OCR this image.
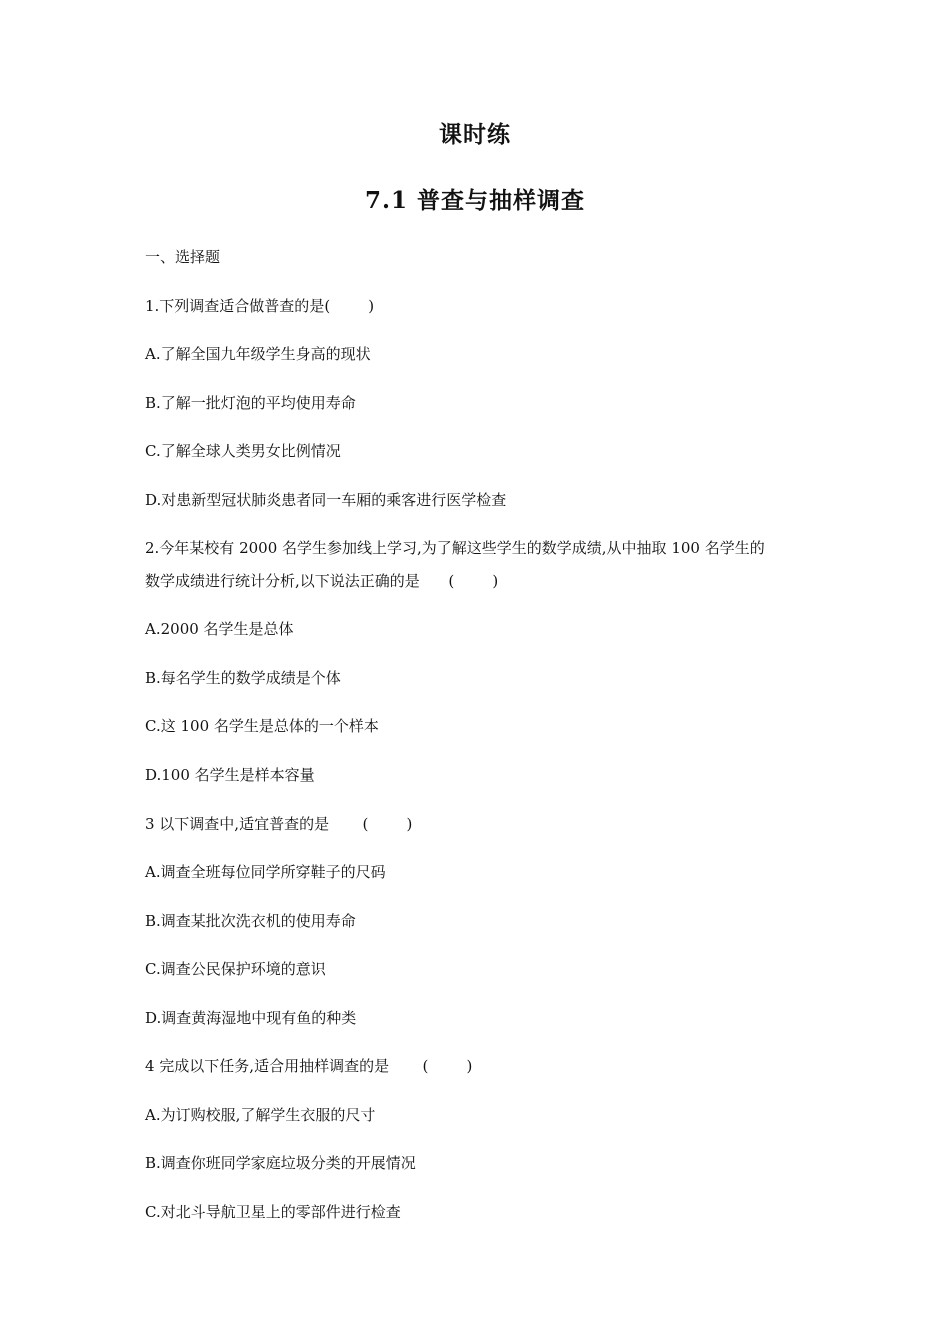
课时练
7.1 普查与抽样调查
一、选择题
1.下列调查适合做普查的是(        )
A.了解全国九年级学生身高的现状
B.了解一批灯泡的平均使用寿命
C.了解全球人类男女比例情况
D.对患新型冠状肺炎患者同一车厢的乘客进行医学检查
2.今年某校有 2000 名学生参加线上学习,为了解这些学生的数学成绩,从中抽取 100 名学生的
数学成绩进行统计分析,以下说法正确的是      (        )
A.2000 名学生是总体
B.每名学生的数学成绩是个体
C.这 100 名学生是总体的一个样本
D.100 名学生是样本容量
3 以下调查中,适宜普查的是       (        )
A.调查全班每位同学所穿鞋子的尺码
B.调查某批次洗衣机的使用寿命
C.调查公民保护环境的意识
D.调查黄海湿地中现有鱼的种类
4 完成以下任务,适合用抽样调查的是       (        )
A.为订购校服,了解学生衣服的尺寸
B.调查你班同学家庭垃圾分类的开展情况
C.对北斗导航卫星上的零部件进行检查
